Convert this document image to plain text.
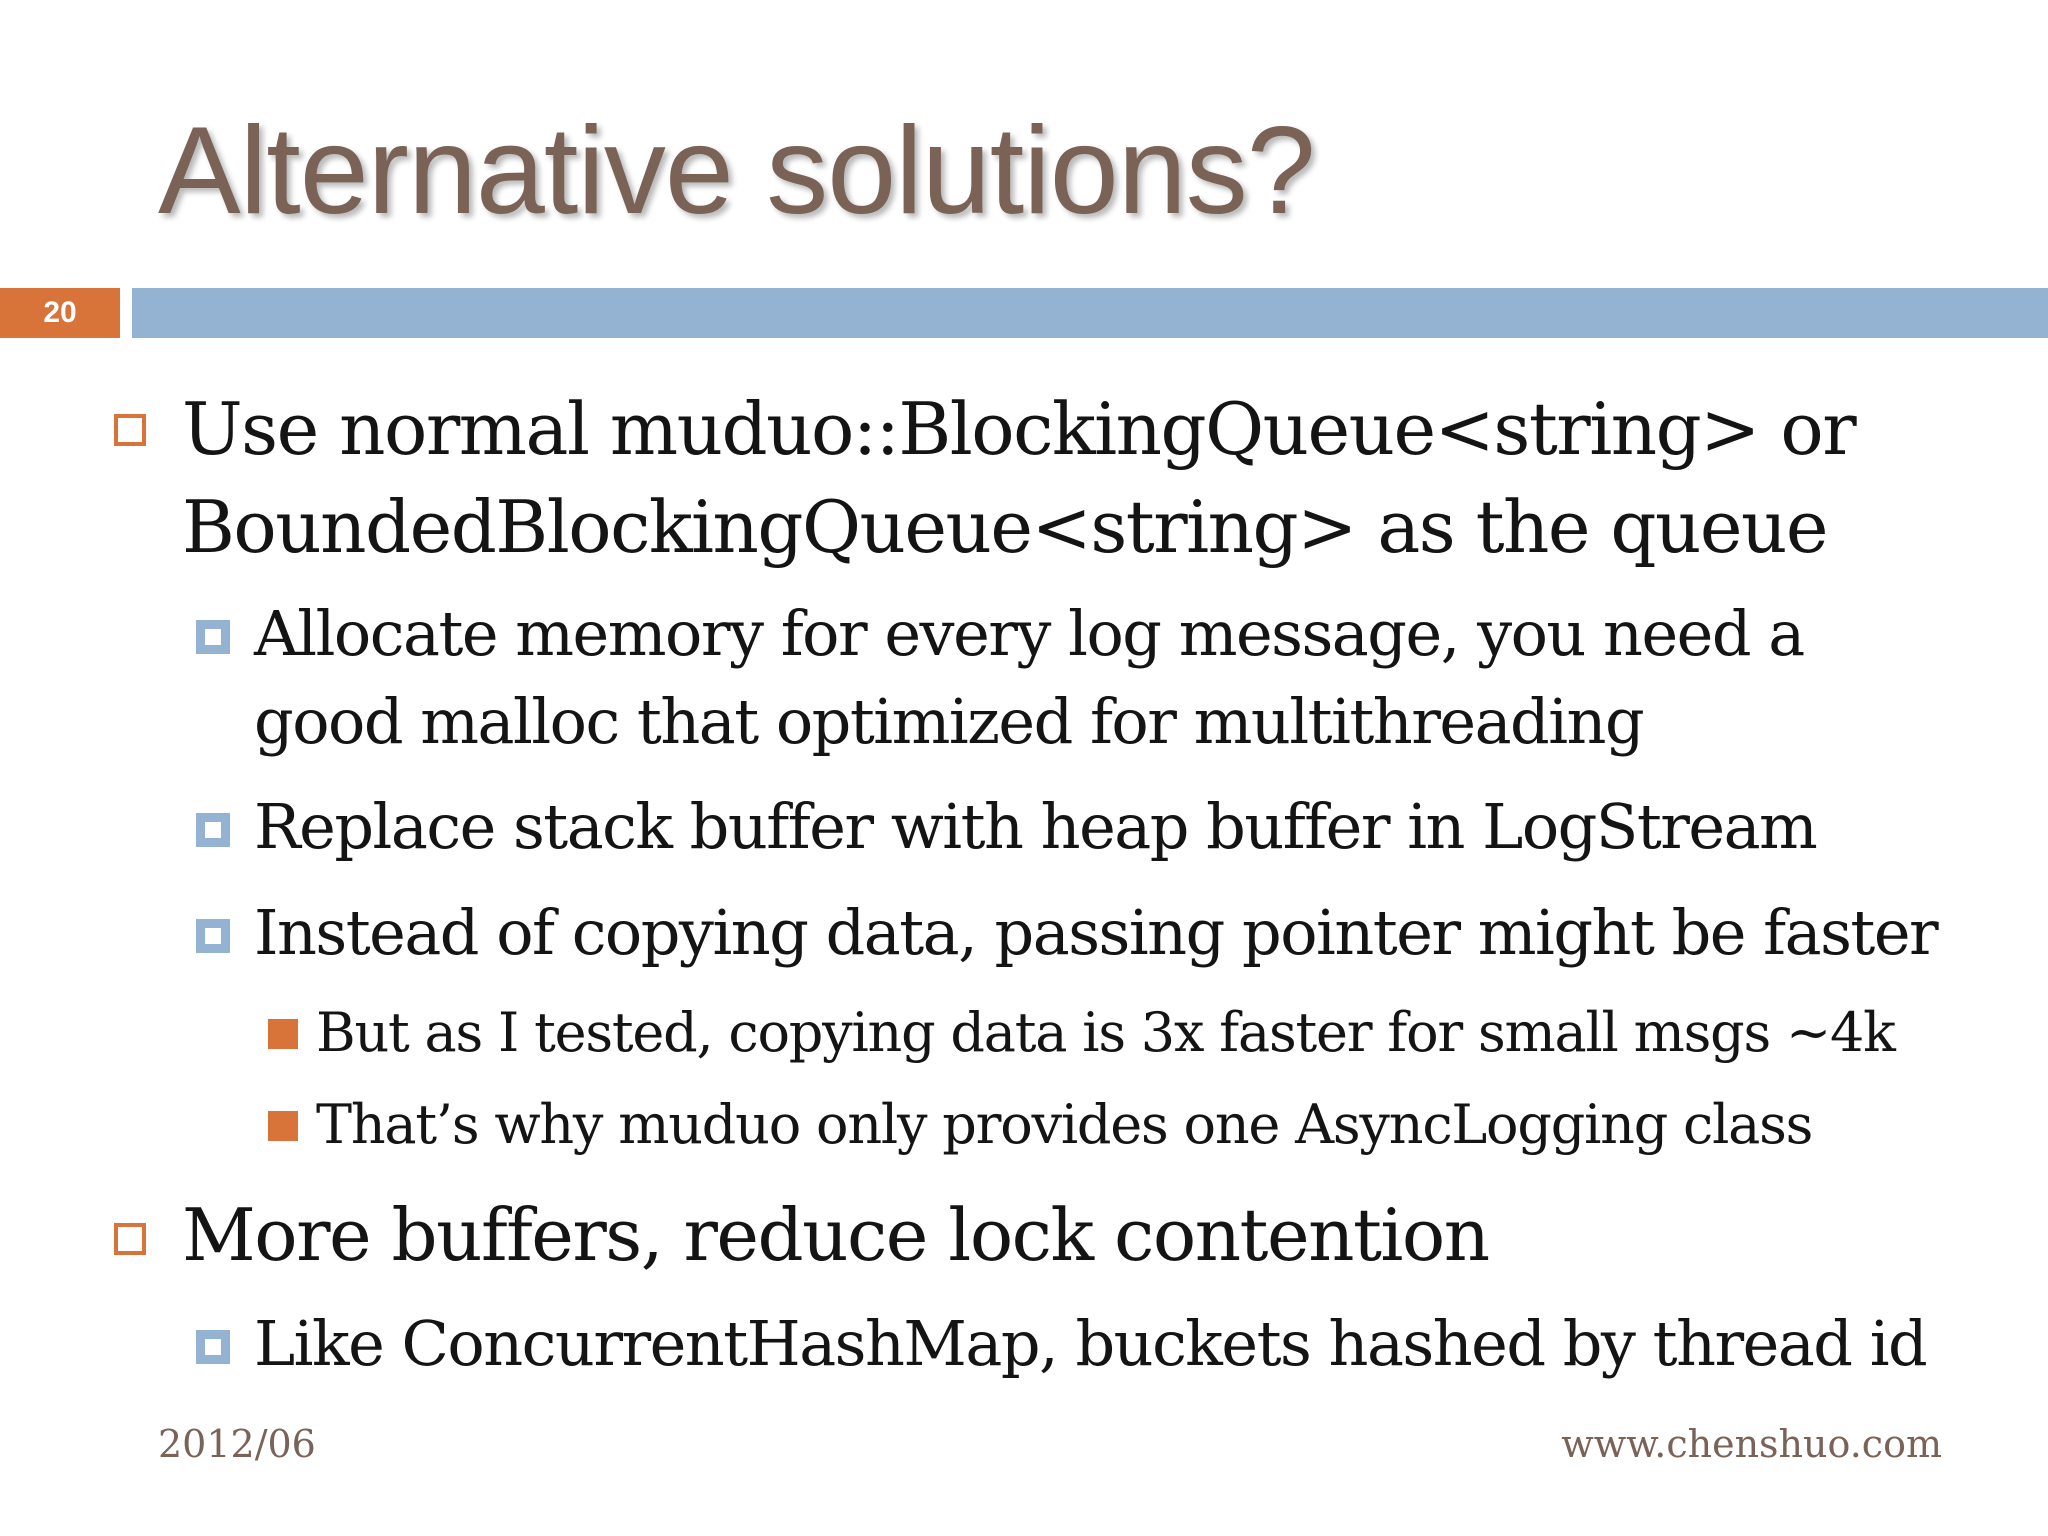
Alternative solutions?
20
Use normal muduo::BlockingQueue<string> or
BoundedBlockingQueue<string> as the queue
Allocate memory for every log message, you need a
good malloc that optimized for multithreading
Replace stack buffer with heap buffer in LogStream
Instead of copying data, passing pointer might be faster
But as I tested, copying data is 3x faster for small msgs ~4k
That’s why muduo only provides one AsyncLogging class
More buffers, reduce lock contention
Like ConcurrentHashMap, buckets hashed by thread id
2012/06	www.chenshuo.com
